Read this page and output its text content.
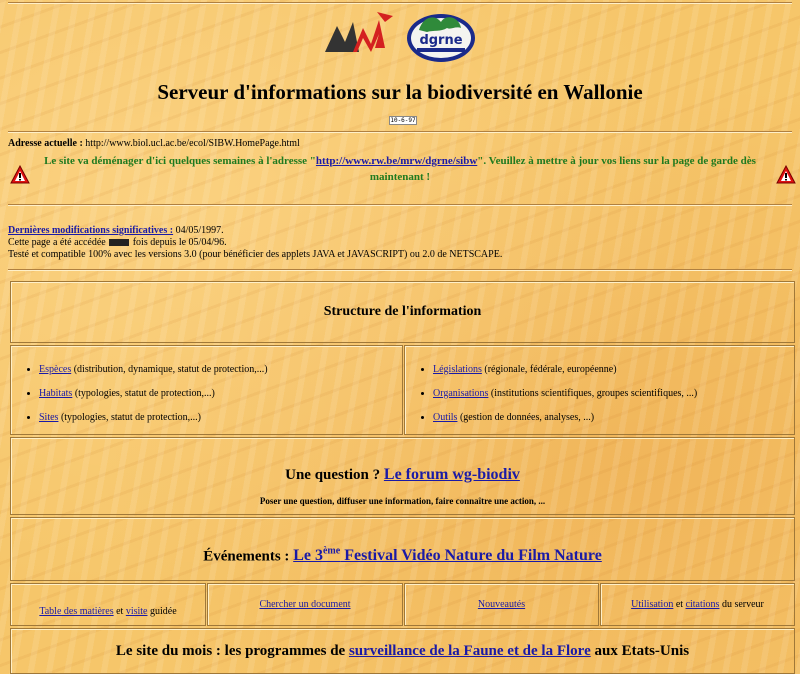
dgrne
Serveur d'informations sur la biodiversité en Wallonie
10-6-97
Adresse actuelle : http://www.biol.ucl.ac.be/ecol/SIBW.HomePage.html
Le site va déménager d'ici quelques semaines à l'adresse "http://www.rw.be/mrw/dgrne/sibw". Veuillez à mettre à jour vos liens sur la page de garde dès maintenant !
Dernières modifications significatives : 04/05/1997.
Cette page a été accédée  fois depuis le 05/04/96.
Testé et compatible 100% avec les versions 3.0 (pour bénéficier des applets JAVA et JAVASCRIPT) ou 2.0 de NETSCAPE.
Structure de l'information
• Espèces (distribution, dynamique, statut de protection,...)
• Habitats (typologies, statut de protection,...)
• Sites (typologies, statut de protection,...)
• Législations (régionale, fédérale, européenne)
• Organisations (institutions scientifiques, groupes scientifiques, ...)
• Outils (gestion de données, analyses, ...)
Une question ? Le forum wg-biodiv
Poser une question, diffuser une information, faire connaître une action, ...
Événements : Le 3ème Festival Vidéo Nature du Film Nature
Table des matières et visite guidée
Chercher un document	Nouveautés	Utilisation et citations du serveur
Le site du mois : les programmes de surveillance de la Faune et de la Flore aux Etats-Unis
